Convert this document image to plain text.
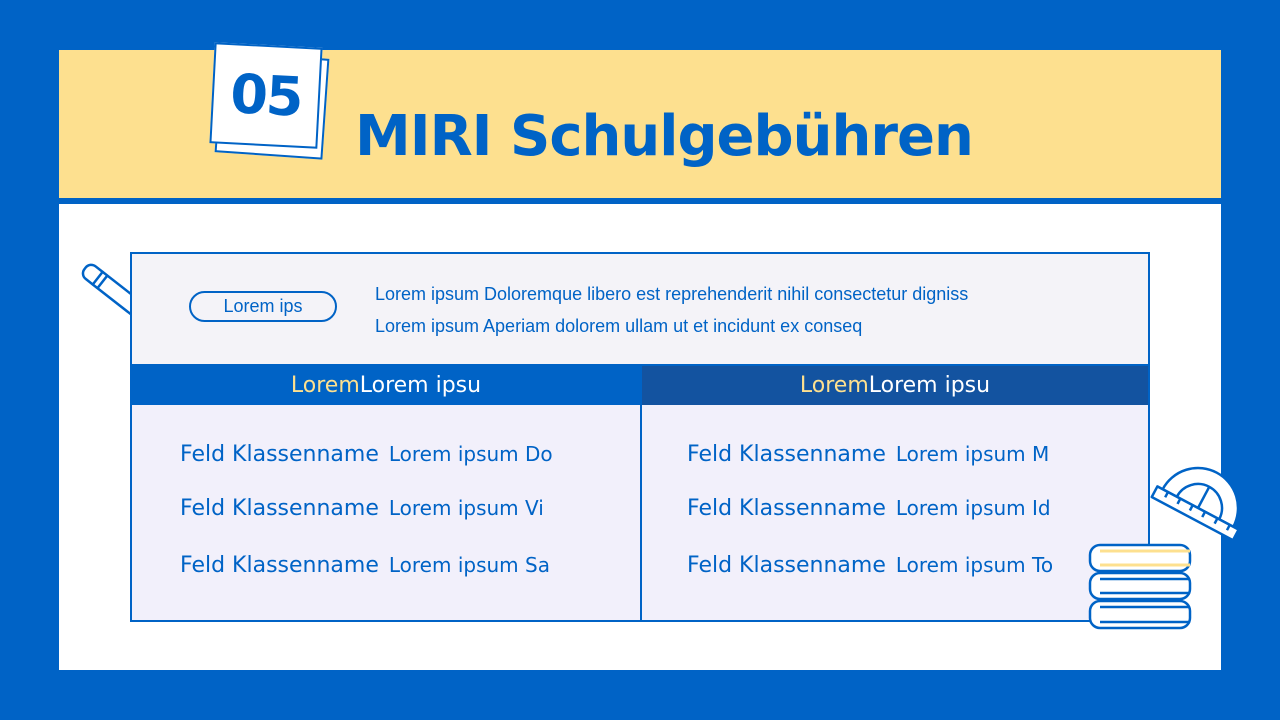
05
MIRI Schulgebühren
Lorem ips

Lorem ipsum Doloremque libero est reprehenderit nihil consectetur digniss

Lorem ipsum Aperiam dolorem ullam ut et incidunt ex conseq

Lorem Lorem ipsu	Lorem Lorem ipsu
Feld Klassenname Lorem ipsum Do
Feld Klassenname Lorem ipsum Vi
Feld Klassenname Lorem ipsum Sa
Feld Klassenname Lorem ipsum M
Feld Klassenname Lorem ipsum Id
Feld Klassenname Lorem ipsum To
